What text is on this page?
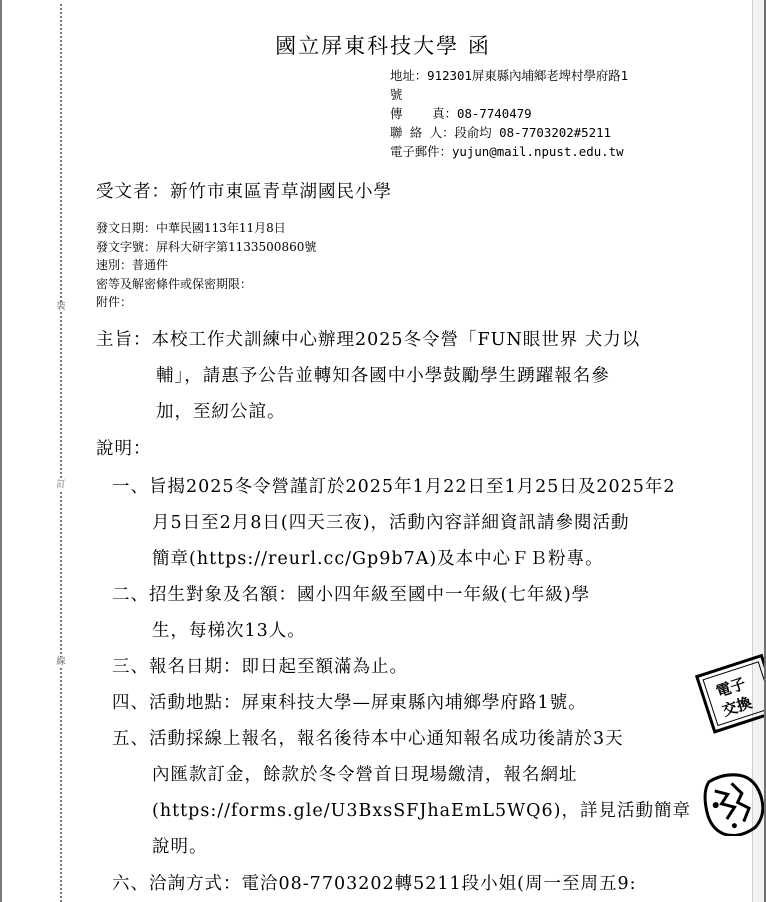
裝
訂
線
國立屏東科技大學 函
地址：912301屏東縣內埔鄉老埤村學府路1
號
傳    真：08-7740479
聯 絡 人：段俞均 08-7703202#5211
電子郵件：yujun@mail.npust.edu.tw
受文者：新竹市東區青草湖國民小學
發文日期：中華民國113年11月8日
發文字號：屏科大研字第1133500860號
速別：普通件
密等及解密條件或保密期限：
附件：
主旨：本校工作犬訓練中心辦理2025冬令營「FUN眼世界 犬力以
輔」，請惠予公告並轉知各國中小學鼓勵學生踴躍報名參
加，至紉公誼。
說明：
一、旨揭2025冬令營謹訂於2025年1月22日至1月25日及2025年2
月5日至2月8日(四天三夜)，活動內容詳細資訊請參閱活動
簡章(https://reurl.cc/Gp9b7A)及本中心ＦＢ粉專。
二、招生對象及名額：國小四年級至國中一年級(七年級)學
生，每梯次13人。
三、報名日期：即日起至額滿為止。
四、活動地點：屏東科技大學—屏東縣內埔鄉學府路1號。
五、活動採線上報名，報名後待本中心通知報名成功後請於3天
內匯款訂金，餘款於冬令營首日現場繳清，報名網址
(https://forms.gle/U3BxsSFJhaEmL5WQ6)，詳見活動簡章
說明。
六、洽詢方式：電洽08-7703202轉5211段小姐(周一至周五9:
電子
交換
